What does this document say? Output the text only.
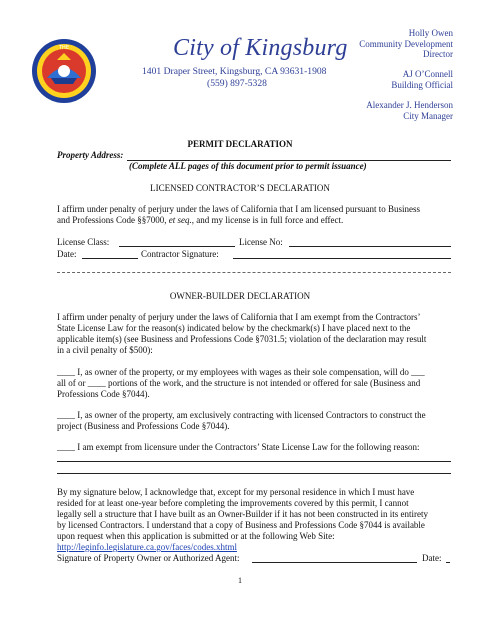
THE	City of Kingsburg
1401 Draper Street, Kingsburg, CA 93631-1908
(559) 897-5328
Holly Owen
Community Development
Director
AJ O’Connell
Building Official
Alexander J. Henderson
City Manager
PERMIT DECLARATION
Property Address:
(Complete ALL pages of this document prior to permit issuance)
LICENSED CONTRACTOR’S DECLARATION
I affirm under penalty of perjury under the laws of California that I am licensed pursuant to Business
and Professions Code §§7000, et seq., and my license is in full force and effect.
License Class:	License No:
Date:	Contractor Signature:
OWNER-BUILDER DECLARATION
I affirm under penalty of perjury under the laws of California that I am exempt from the Contractors’
State License Law for the reason(s) indicated below by the checkmark(s) I have placed next to the
applicable item(s) (see Business and Professions Code §7031.5; violation of the declaration may result
in a civil penalty of $500):
____ I, as owner of the property, or my employees with wages as their sole compensation, will do ___
all of or ____ portions of the work, and the structure is not intended or offered for sale (Business and
Professions Code §7044).
____ I, as owner of the property, am exclusively contracting with licensed Contractors to construct the
project (Business and Professions Code §7044).
____ I am exempt from licensure under the Contractors’ State License Law for the following reason:
By my signature below, I acknowledge that, except for my personal residence in which I must have
resided for at least one-year before completing the improvements covered by this permit, I cannot
legally sell a structure that I have built as an Owner-Builder if it has not been constructed in its entirety
by licensed Contractors. I understand that a copy of Business and Professions Code §7044 is available
upon request when this application is submitted or at the following Web Site:
http://leginfo.legislature.ca.gov/faces/codes.xhtml
Signature of Property Owner or Authorized Agent:	Date:
1
